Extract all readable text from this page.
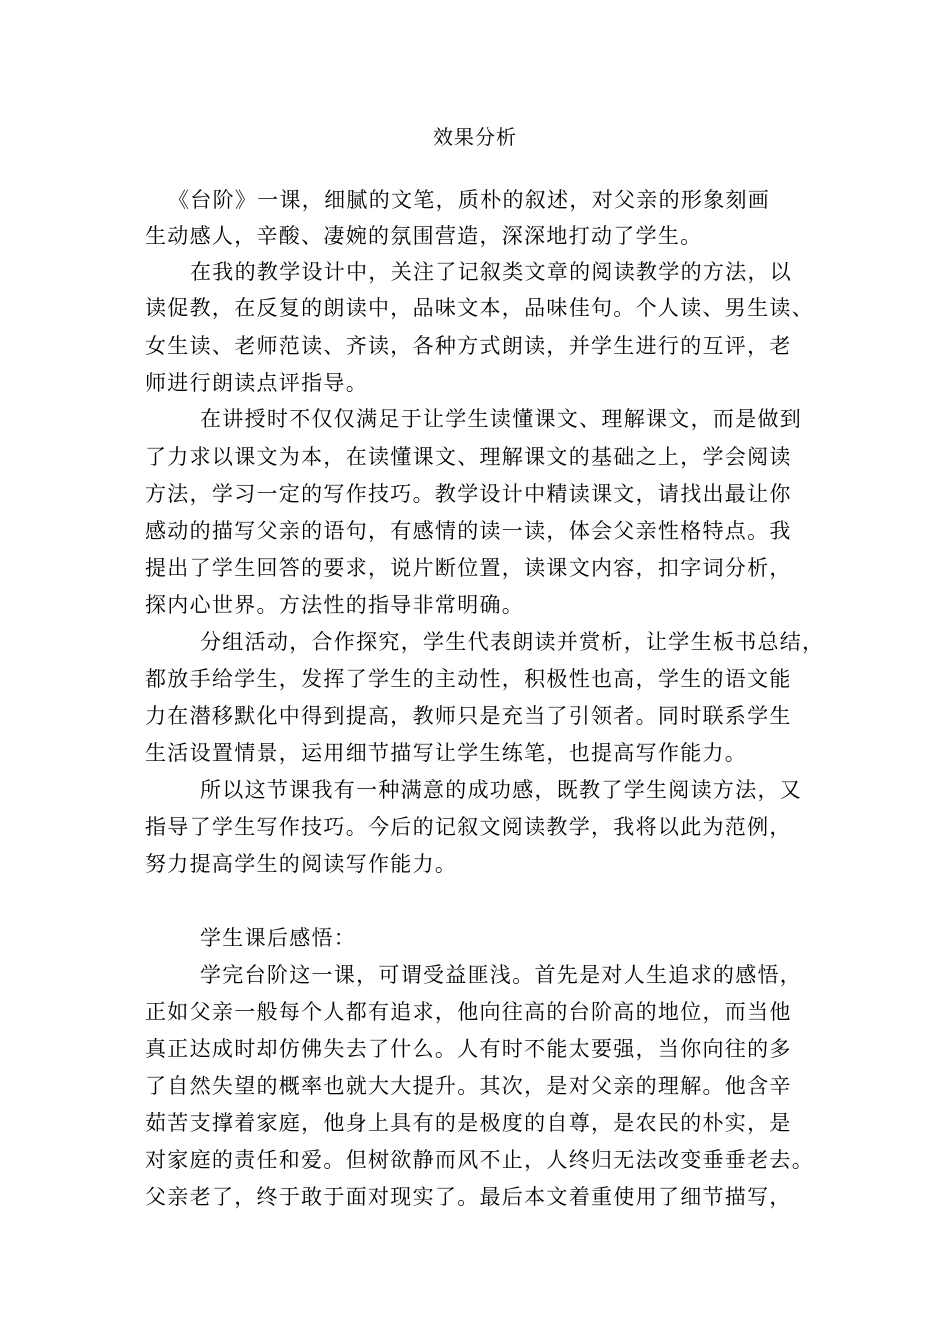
效果分析
《台阶》一课，细腻的文笔，质朴的叙述，对父亲的形象刻画
生动感人，辛酸、凄婉的氛围营造，深深地打动了学生。
在我的教学设计中，关注了记叙类文章的阅读教学的方法，以
读促教，在反复的朗读中，品味文本，品味佳句。个人读、男生读、
女生读、老师范读、齐读，各种方式朗读，并学生进行的互评，老
师进行朗读点评指导。
在讲授时不仅仅满足于让学生读懂课文、理解课文，而是做到
了力求以课文为本，在读懂课文、理解课文的基础之上，学会阅读
方法，学习一定的写作技巧。教学设计中精读课文，请找出最让你
感动的描写父亲的语句，有感情的读一读，体会父亲性格特点。我
提出了学生回答的要求，说片断位置，读课文内容，扣字词分析，
探内心世界。方法性的指导非常明确。
分组活动，合作探究，学生代表朗读并赏析，让学生板书总结，
都放手给学生，发挥了学生的主动性，积极性也高，学生的语文能
力在潜移默化中得到提高，教师只是充当了引领者。同时联系学生
生活设置情景，运用细节描写让学生练笔，也提高写作能力。
所以这节课我有一种满意的成功感，既教了学生阅读方法，又
指导了学生写作技巧。今后的记叙文阅读教学，我将以此为范例，
努力提高学生的阅读写作能力。
学生课后感悟：
学完台阶这一课，可谓受益匪浅。首先是对人生追求的感悟，
正如父亲一般每个人都有追求，他向往高的台阶高的地位，而当他
真正达成时却仿佛失去了什么。人有时不能太要强，当你向往的多
了自然失望的概率也就大大提升。其次，是对父亲的理解。他含辛
茹苦支撑着家庭，他身上具有的是极度的自尊，是农民的朴实，是
对家庭的责任和爱。但树欲静而风不止，人终归无法改变垂垂老去。
父亲老了，终于敢于面对现实了。最后本文着重使用了细节描写，
